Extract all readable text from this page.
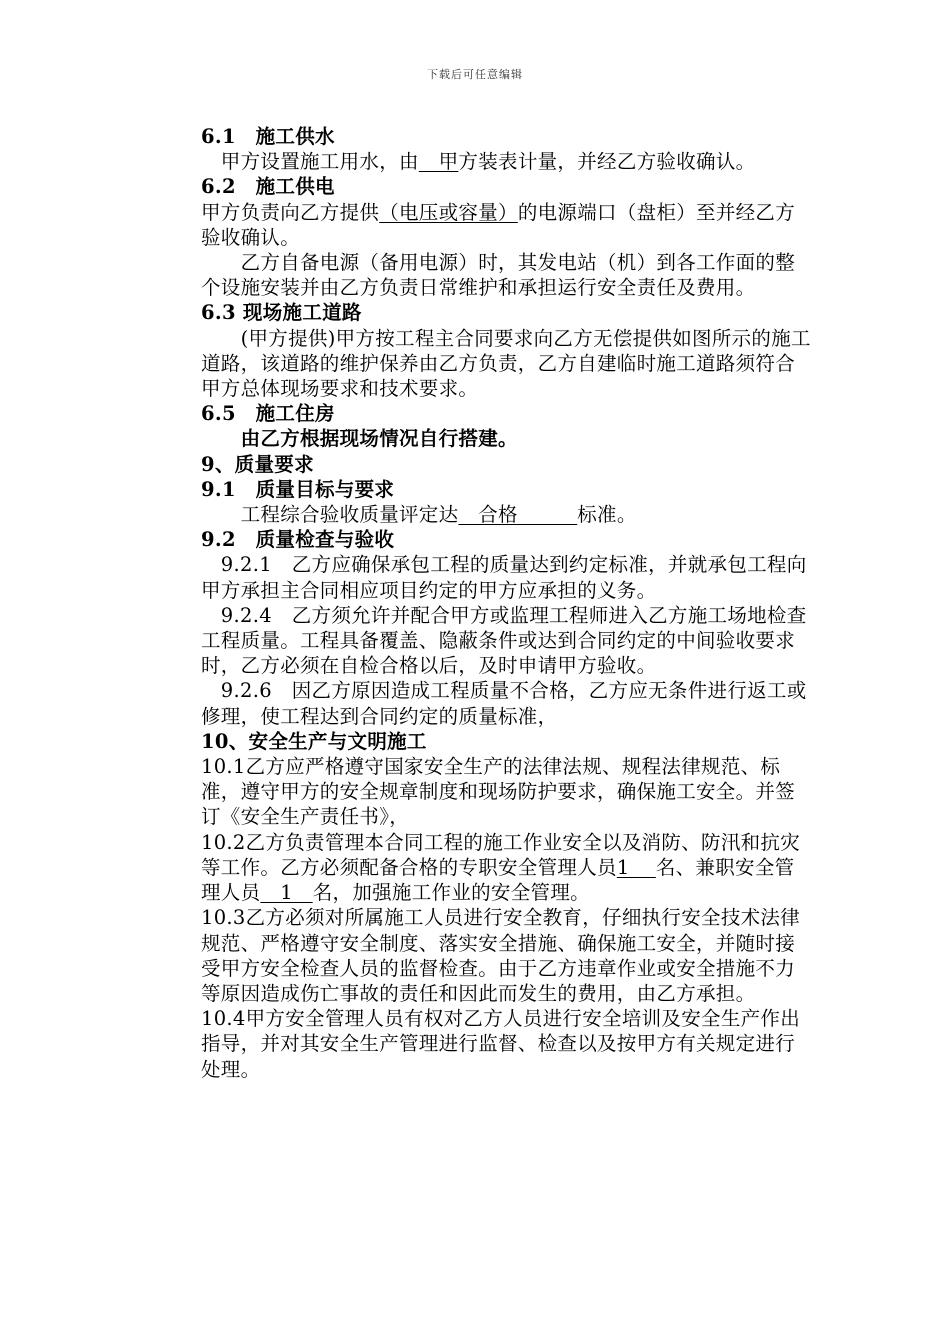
下载后可任意编辑

6.1　施工供水

　甲方设置施工用水，由　甲方装表计量，并经乙方验收确认。

6.2　施工供电

甲方负责向乙方提供（电压或容量）的电源端口（盘柜）至并经乙方验收确认。

　　乙方自备电源（备用电源）时，其发电站（机）到各工作面的整个设施安装并由乙方负责日常维护和承担运行安全责任及费用。

6.3 现场施工道路

　　(甲方提供)甲方按工程主合同要求向乙方无偿提供如图所示的施工道路，该道路的维护保养由乙方负责，乙方自建临时施工道路须符合甲方总体现场要求和技术要求。

6.5　施工住房

　　由乙方根据现场情况自行搭建。

9、质量要求

9.1　质量目标与要求

　　工程综合验收质量评定达　合格　　　标准。

9.2　质量检查与验收

　9.2.1　乙方应确保承包工程的质量达到约定标准，并就承包工程向甲方承担主合同相应项目约定的甲方应承担的义务。

　9.2.4　乙方须允许并配合甲方或监理工程师进入乙方施工场地检查工程质量。工程具备覆盖、隐蔽条件或达到合同约定的中间验收要求时，乙方必须在自检合格以后，及时申请甲方验收。

　9.2.6　因乙方原因造成工程质量不合格，乙方应无条件进行返工或修理，使工程达到合同约定的质量标准，

10、安全生产与文明施工

10.1乙方应严格遵守国家安全生产的法律法规、规程法律规范、标准，遵守甲方的安全规章制度和现场防护要求，确保施工安全。并签订《安全生产责任书》，

10.2乙方负责管理本合同工程的施工作业安全以及消防、防汛和抗灾等工作。乙方必须配备合格的专职安全管理人员1　 名、兼职安全管理人员　1　名，加强施工作业的安全管理。

10.3乙方必须对所属施工人员进行安全教育，仔细执行安全技术法律规范、严格遵守安全制度、落实安全措施、确保施工安全，并随时接受甲方安全检查人员的监督检查。由于乙方违章作业或安全措施不力等原因造成伤亡事故的责任和因此而发生的费用，由乙方承担。

10.4甲方安全管理人员有权对乙方人员进行安全培训及安全生产作出指导，并对其安全生产管理进行监督、检查以及按甲方有关规定进行处理。
